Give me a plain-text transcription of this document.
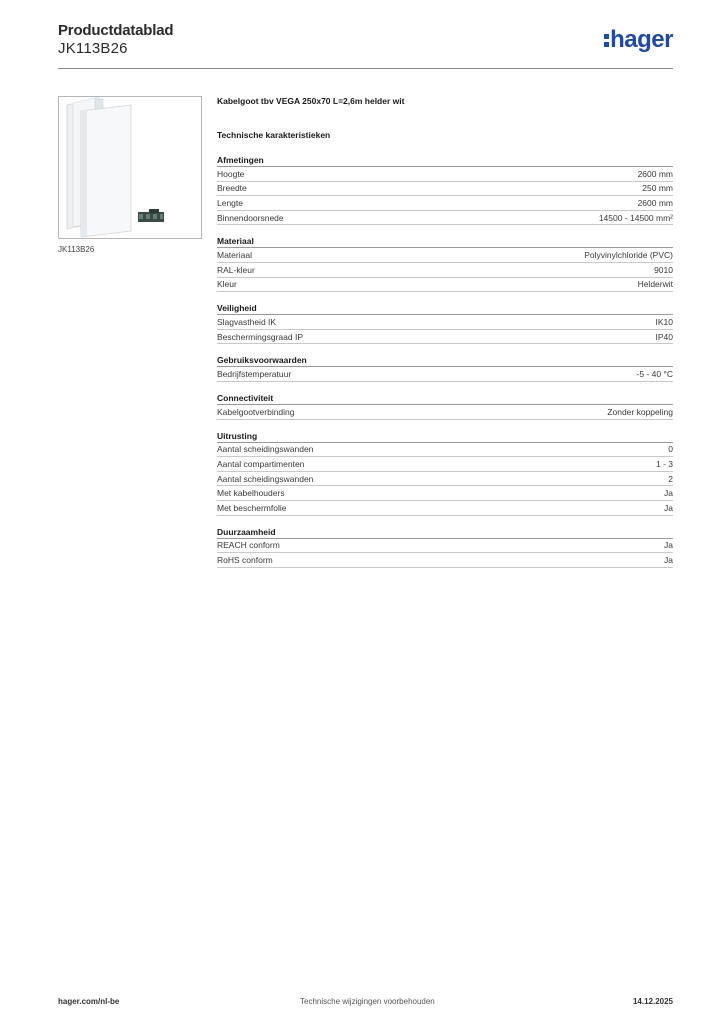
Productdatablad
JK113B26	hager
JK113B26
Kabelgoot tbv VEGA 250x70 L=2,6m helder wit
Technische karakteristieken
Afmetingen
Hoogte	2600 mm
Breedte	250 mm
Lengte	2600 mm
Binnendoorsnede	14500 - 14500 mm²
Materiaal
Materiaal	Polyvinylchloride (PVC)
RAL-kleur	9010
Kleur	Helderwit
Veiligheid
Slagvastheid IK	IK10
Beschermingsgraad IP	IP40
Gebruiksvoorwaarden
Bedrijfstemperatuur	-5 - 40 °C
Connectiviteit
Kabelgootverbinding	Zonder koppeling
Uitrusting
Aantal scheidingswanden	0
Aantal compartimenten	1 - 3
Aantal scheidingswanden	2
Met kabelhouders	Ja
Met beschermfolie	Ja
Duurzaamheid
REACH conform	Ja
RoHS conform	Ja
hager.com/nl-be	Technische wijzigingen voorbehouden	14.12.2025
